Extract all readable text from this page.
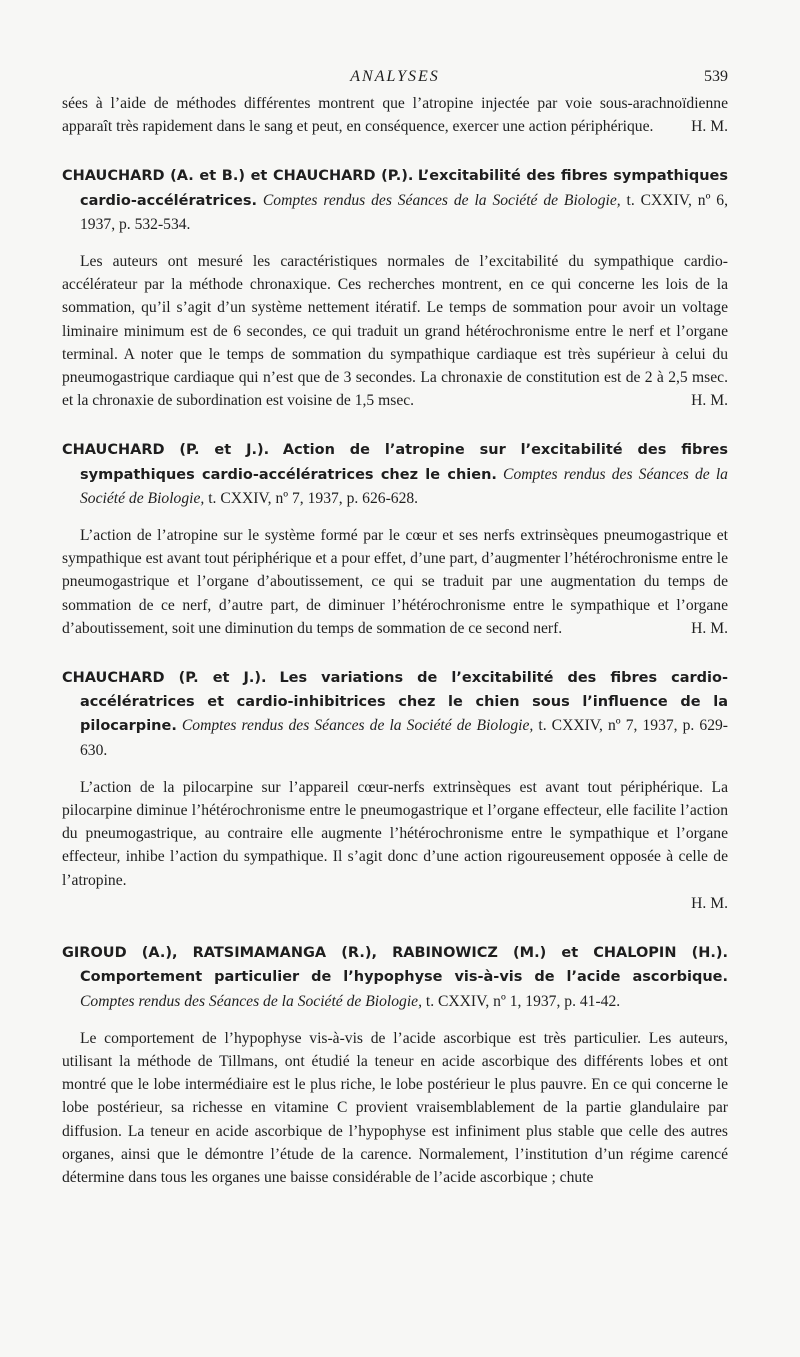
ANALYSES	539

sées à l’aide de méthodes différentes montrent que l’atropine injectée par voie sous-arachnoïdienne apparaît très rapidement dans le sang et peut, en conséquence, exercer une action périphérique. H. M.

CHAUCHARD (A. et B.) et CHAUCHARD (P.). L’excitabilité des fibres sympathiques cardio-accélératrices. Comptes rendus des Séances de la Société de Biologie, t. CXXIV, nº 6, 1937, p. 532-534.

Les auteurs ont mesuré les caractéristiques normales de l’excitabilité du sympathique cardio-accélérateur par la méthode chronaxique. Ces recherches montrent, en ce qui concerne les lois de la sommation, qu’il s’agit d’un système nettement itératif. Le temps de sommation pour avoir un voltage liminaire minimum est de 6 secondes, ce qui traduit un grand hétérochronisme entre le nerf et l’organe terminal. A noter que le temps de sommation du sympathique cardiaque est très supérieur à celui du pneumogastrique cardiaque qui n’est que de 3 secondes. La chronaxie de constitution est de 2 à 2,5 msec. et la chronaxie de subordination est voisine de 1,5 msec.	H. M.

CHAUCHARD (P. et J.). Action de l’atropine sur l’excitabilité des fibres sympathiques cardio-accélératrices chez le chien. Comptes rendus des Séances de la Société de Biologie, t. CXXIV, nº 7, 1937, p. 626-628.

L’action de l’atropine sur le système formé par le cœur et ses nerfs extrinsèques pneumogastrique et sympathique est avant tout périphérique et a pour effet, d’une part, d’augmenter l’hétérochronisme entre le pneumogastrique et l’organe d’aboutissement, ce qui se traduit par une augmentation du temps de sommation de ce nerf, d’autre part, de diminuer l’hétérochronisme entre le sympathique et l’organe d’aboutissement, soit une diminution du temps de sommation de ce second nerf.	H. M.

CHAUCHARD (P. et J.). Les variations de l’excitabilité des fibres cardio-accélératrices et cardio-inhibitrices chez le chien sous l’influence de la pilocarpine. Comptes rendus des Séances de la Société de Biologie, t. CXXIV, nº 7, 1937, p. 629-630.

L’action de la pilocarpine sur l’appareil cœur-nerfs extrinsèques est avant tout périphérique. La pilocarpine diminue l’hétérochronisme entre le pneumogastrique et l’organe effecteur, elle facilite l’action du pneumogastrique, au contraire elle augmente l’hétérochronisme entre le sympathique et l’organe effecteur, inhibe l’action du sympathique. Il s’agit donc d’une action rigoureusement opposée à celle de l’atropine.

H. M.

GIROUD (A.), RATSIMAMANGA (R.), RABINOWICZ (M.) et CHALOPIN (H.). Comportement particulier de l’hypophyse vis-à-vis de l’acide ascorbique. Comptes rendus des Séances de la Société de Biologie, t. CXXIV, nº 1, 1937, p. 41-42.

Le comportement de l’hypophyse vis-à-vis de l’acide ascorbique est très particulier. Les auteurs, utilisant la méthode de Tillmans, ont étudié la teneur en acide ascorbique des différents lobes et ont montré que le lobe intermédiaire est le plus riche, le lobe postérieur le plus pauvre. En ce qui concerne le lobe postérieur, sa richesse en vitamine C provient vraisemblablement de la partie glandulaire par diffusion. La teneur en acide ascorbique de l’hypophyse est infiniment plus stable que celle des autres organes, ainsi que le démontre l’étude de la carence. Normalement, l’institution d’un régime carencé détermine dans tous les organes une baisse considérable de l’acide ascorbique ; chute
